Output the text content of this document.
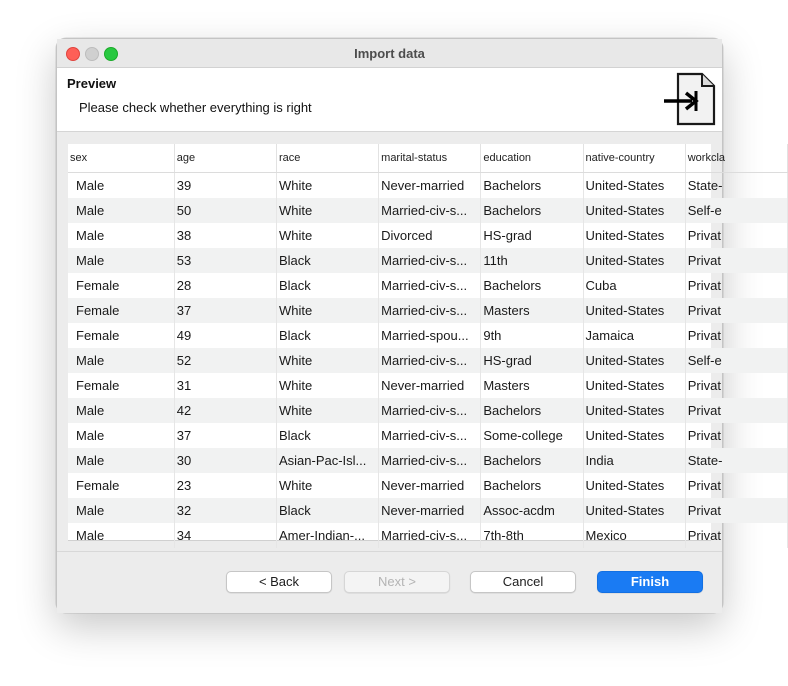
Import data
Preview
Please check whether everything is right
sex	age	race	marital-status	education	native-country	workcla
Male	39	White	Never-married	Bachelors	United-States	State-
Male	50	White	Married-civ-s...	Bachelors	United-States	Self-e
Male	38	White	Divorced	HS-grad	United-States	Privat
Male	53	Black	Married-civ-s...	11th	United-States	Privat
Female	28	Black	Married-civ-s...	Bachelors	Cuba	Privat
Female	37	White	Married-civ-s...	Masters	United-States	Privat
Female	49	Black	Married-spou...	9th	Jamaica	Privat
Male	52	White	Married-civ-s...	HS-grad	United-States	Self-e
Female	31	White	Never-married	Masters	United-States	Privat
Male	42	White	Married-civ-s...	Bachelors	United-States	Privat
Male	37	Black	Married-civ-s...	Some-college	United-States	Privat
Male	30	Asian-Pac-Isl...	Married-civ-s...	Bachelors	India	State-
Female	23	White	Never-married	Bachelors	United-States	Privat
Male	32	Black	Never-married	Assoc-acdm	United-States	Privat
Male	34	Amer-Indian-...	Married-civ-s...	7th-8th	Mexico	Privat
< Back	Next >	Cancel	Finish
